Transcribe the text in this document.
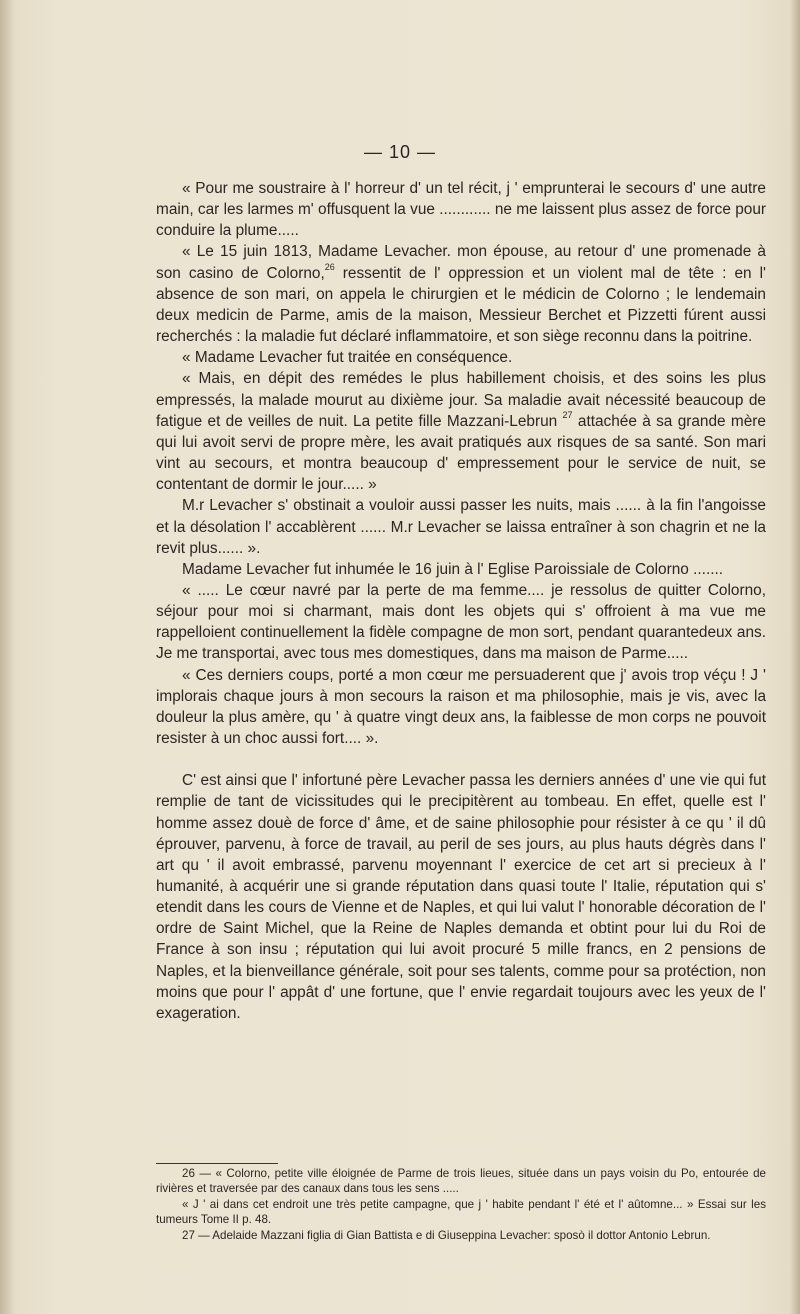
— 10 —

« Pour me soustraire à l' horreur d' un tel récit, j ' emprunterai le secours d' une autre main, car les larmes m' offusquent la vue ............ ne me laissent plus assez de force pour conduire la plume.....

« Le 15 juin 1813, Madame Levacher. mon épouse, au retour d' une promenade à son casino de Colorno,$^{26}$ ressentit de l' oppression et un violent mal de tête : en l' absence de son mari, on appela le chirurgien et le médicin de Colorno ; le lendemain deux medicin de Parme, amis de la maison, Messieur Berchet et Pizzetti fúrent aussi recherchés : la maladie fut déclaré inflammatoire, et son siège reconnu dans la poitrine.

« Madame Levacher fut traitée en conséquence.

« Mais, en dépit des remédes le plus habillement choisis, et des soins les plus empressés, la malade mourut au dixième jour. Sa maladie avait nécessité beaucoup de fatigue et de veilles de nuit. La petite fille Mazzani-Lebrun $^{27}$ attachée à sa grande mère qui lui avoit servi de propre mère, les avait pratiqués aux risques de sa santé. Son mari vint au secours, et montra beaucoup d' empressement pour le service de nuit, se contentant de dormir le jour..... »

M.r Levacher s' obstinait a vouloir aussi passer les nuits, mais ...... à la fin l'angoisse et la désolation l' accablèrent ...... M.r Levacher se laissa entraîner à son chagrin et ne la revit plus...... ».

Madame Levacher fut inhumée le 16 juin à l' Eglise Paroissiale de Colorno .......

« ..... Le cœur navré par la perte de ma femme.... je ressolus de quitter Colorno, séjour pour moi si charmant, mais dont les objets qui s' offroient à ma vue me rappelloient continuellement la fidèle compagne de mon sort, pendant quarantedeux ans. Je me transportai, avec tous mes domestiques, dans ma maison de Parme.....

« Ces derniers coups, porté a mon cœur me persuaderent que j' avois trop véçu ! J ' implorais chaque jours à mon secours la raison et ma philosophie, mais je vis, avec la douleur la plus amère, qu ' à quatre vingt deux ans, la faiblesse de mon corps ne pouvoit resister à un choc aussi fort.... ».

C' est ainsi que l' infortuné père Levacher passa les derniers années d' une vie qui fut remplie de tant de vicissitudes qui le precipitèrent au tombeau. En effet, quelle est l' homme assez douè de force d' âme, et de saine philosophie pour résister à ce qu ' il dû éprouver, parvenu, à force de travail, au peril de ses jours, au plus hauts dégrès dans l' art qu ' il avoit embrassé, parvenu moyennant l' exercice de cet art si precieux à l' humanité, à acquérir une si grande réputation dans quasi toute l' Italie, réputation qui s' etendit dans les cours de Vienne et de Naples, et qui lui valut l' honorable décoration de l' ordre de Saint Michel, que la Reine de Naples demanda et obtint pour lui du Roi de France à son insu ; réputation qui lui avoit procuré 5 mille francs, en 2 pensions de Naples, et la bienveillance générale, soit pour ses talents, comme pour sa protéction, non moins que pour l' appât d' une fortune, que l' envie regardait toujours avec les yeux de l' exageration.

26 — « Colorno, petite ville éloignée de Parme de trois lieues, située dans un pays voisin du Po, entourée de rivières et traversée par des canaux dans tous les sens .....

« J ' ai dans cet endroit une très petite campagne, que j ' habite pendant l' été et l' aûtomne... » Essai sur les tumeurs Tome II p. 48.

27 — Adelaide Mazzani figlia di Gian Battista e di Giuseppina Levacher: sposò il dottor Antonio Lebrun.
